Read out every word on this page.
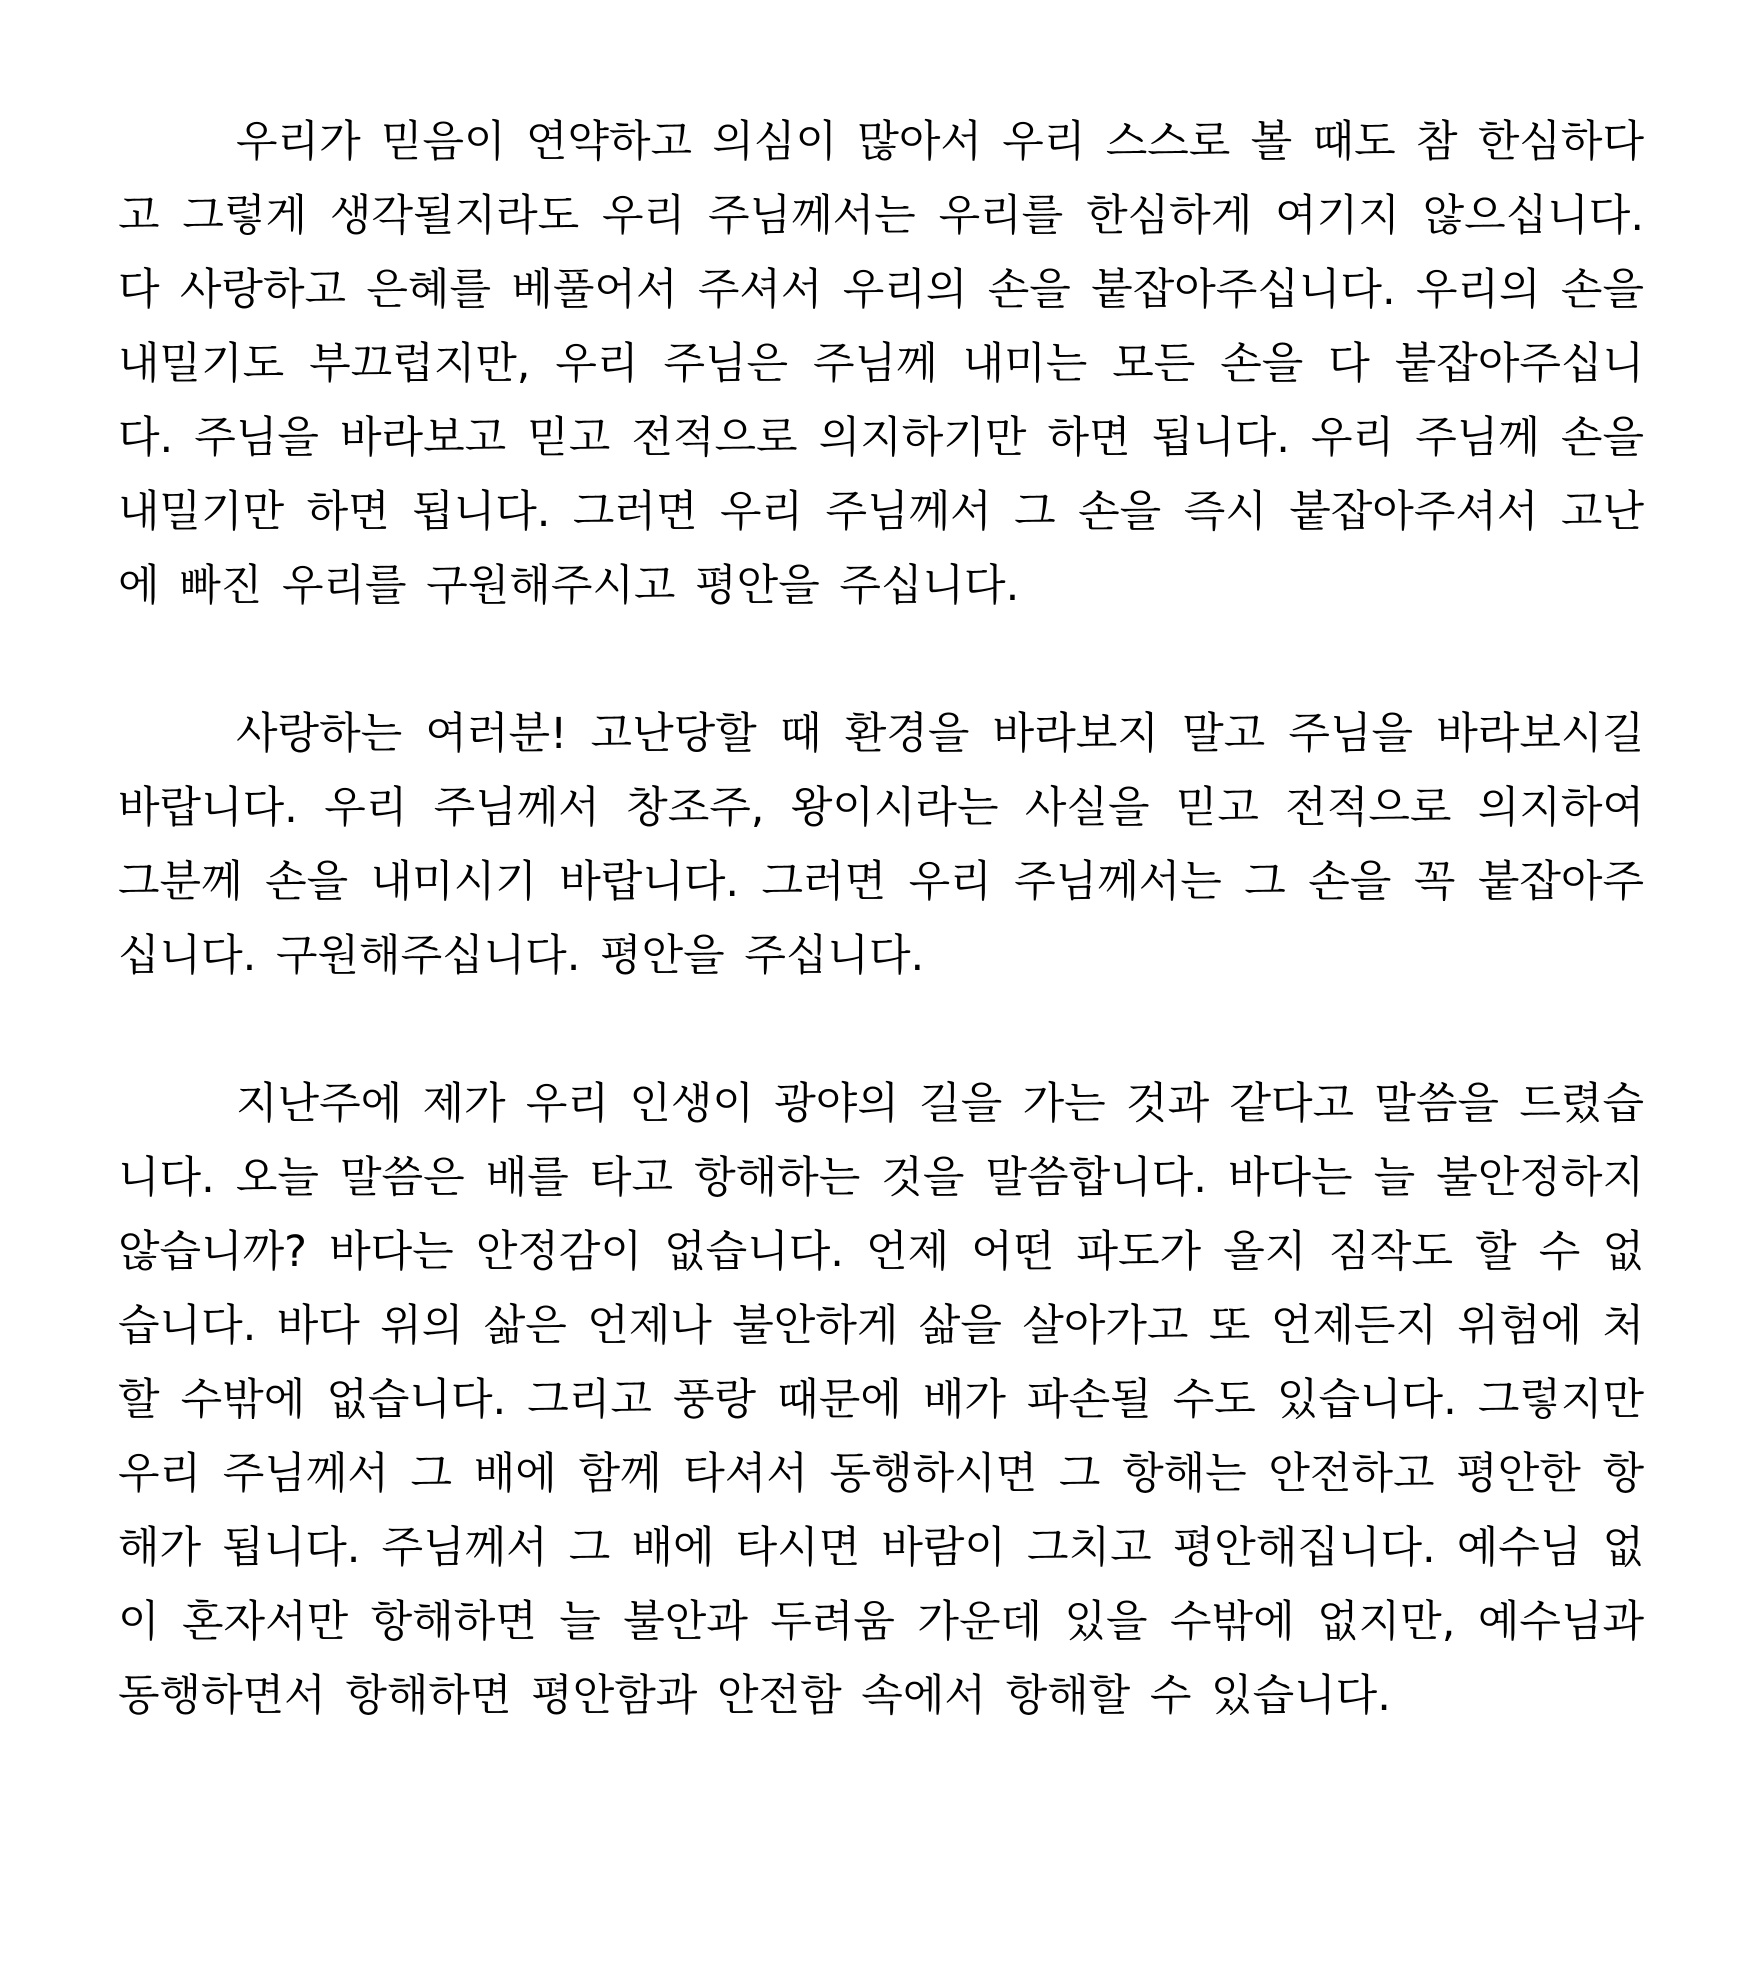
우리가 믿음이 연약하고 의심이 많아서 우리 스스로 볼 때도 참 한심하다고 그렇게 생각될지라도 우리 주님께서는 우리를 한심하게 여기지 않으십니다. 다 사랑하고 은혜를 베풀어서 주셔서 우리의 손을 붙잡아주십니다. 우리의 손을 내밀기도 부끄럽지만, 우리 주님은 주님께 내미는 모든 손을 다 붙잡아주십니다. 주님을 바라보고 믿고 전적으로 의지하기만 하면 됩니다. 우리 주님께 손을 내밀기만 하면 됩니다. 그러면 우리 주님께서 그 손을 즉시 붙잡아주셔서 고난에 빠진 우리를 구원해주시고 평안을 주십니다.

사랑하는 여러분! 고난당할 때 환경을 바라보지 말고 주님을 바라보시길 바랍니다. 우리 주님께서 창조주, 왕이시라는 사실을 믿고 전적으로 의지하여 그분께 손을 내미시기 바랍니다. 그러면 우리 주님께서는 그 손을 꼭 붙잡아주십니다. 구원해주십니다. 평안을 주십니다.

지난주에 제가 우리 인생이 광야의 길을 가는 것과 같다고 말씀을 드렸습니다. 오늘 말씀은 배를 타고 항해하는 것을 말씀합니다. 바다는 늘 불안정하지 않습니까? 바다는 안정감이 없습니다. 언제 어떤 파도가 올지 짐작도 할 수 없습니다. 바다 위의 삶은 언제나 불안하게 삶을 살아가고 또 언제든지 위험에 처할 수밖에 없습니다. 그리고 풍랑 때문에 배가 파손될 수도 있습니다. 그렇지만 우리 주님께서 그 배에 함께 타셔서 동행하시면 그 항해는 안전하고 평안한 항해가 됩니다. 주님께서 그 배에 타시면 바람이 그치고 평안해집니다. 예수님 없이 혼자서만 항해하면 늘 불안과 두려움 가운데 있을 수밖에 없지만, 예수님과 동행하면서 항해하면 평안함과 안전함 속에서 항해할 수 있습니다.
